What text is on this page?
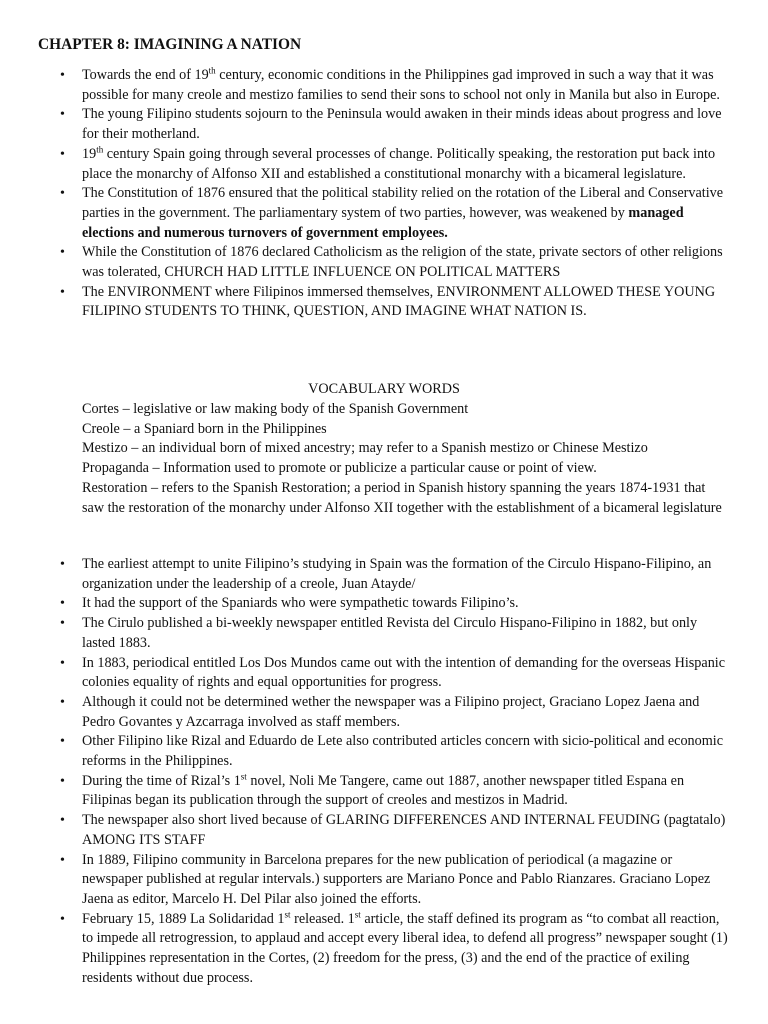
CHAPTER 8: IMAGINING A NATION
• Towards the end of 19th century, economic conditions in the Philippines gad improved in such a way that it was possible for many creole and mestizo families to send their sons to school not only in Manila but also in Europe.
• The young Filipino students sojourn to the Peninsula would awaken in their minds ideas about progress and love for their motherland.
• 19th century Spain going through several processes of change. Politically speaking, the restoration put back into place the monarchy of Alfonso XII and established a constitutional monarchy with a bicameral legislature.
• The Constitution of 1876 ensured that the political stability relied on the rotation of the Liberal and Conservative parties in the government. The parliamentary system of two parties, however, was weakened by managed elections and numerous turnovers of government employees.
• While the Constitution of 1876 declared Catholicism as the religion of the state, private sectors of other religions was tolerated, CHURCH HAD LITTLE INFLUENCE ON POLITICAL MATTERS
• The ENVIRONMENT where Filipinos immersed themselves, ENVIRONMENT ALLOWED THESE YOUNG FILIPINO STUDENTS TO THINK, QUESTION, AND IMAGINE WHAT NATION IS.
VOCABULARY WORDS
Cortes – legislative or law making body of the Spanish Government
Creole – a Spaniard born in the Philippines
Mestizo – an individual born of mixed ancestry; may refer to a Spanish mestizo or Chinese Mestizo
Propaganda – Information used to promote or publicize a particular cause or point of view.
Restoration – refers to the Spanish Restoration; a period in Spanish history spanning the years 1874-1931 that saw the restoration of the monarchy under Alfonso XII together with the establishment of a bicameral legislature
• The earliest attempt to unite Filipino’s studying in Spain was the formation of the Circulo Hispano-Filipino, an organization under the leadership of a creole, Juan Atayde/
• It had the support of the Spaniards who were sympathetic towards Filipino’s.
• The Cirulo published a bi-weekly newspaper entitled Revista del Circulo Hispano-Filipino in 1882, but only lasted 1883.
• In 1883, periodical entitled Los Dos Mundos came out with the intention of demanding for the overseas Hispanic colonies equality of rights and equal opportunities for progress.
• Although it could not be determined wether the newspaper was a Filipino project, Graciano Lopez Jaena and Pedro Govantes y Azcarraga involved as staff members.
• Other Filipino like Rizal and Eduardo de Lete also contributed articles concern with sicio-political and economic reforms in the Philippines.
• During the time of Rizal’s 1st novel, Noli Me Tangere, came out 1887, another newspaper titled Espana en Filipinas began its publication through the support of creoles and mestizos in Madrid.
• The newspaper also short lived because of GLARING DIFFERENCES AND INTERNAL FEUDING (pagtatalo) AMONG ITS STAFF
• In 1889, Filipino community in Barcelona prepares for the new publication of periodical (a magazine or newspaper published at regular intervals.) supporters are Mariano Ponce and Pablo Rianzares. Graciano Lopez Jaena as editor, Marcelo H. Del Pilar also joined the efforts.
• February 15, 1889 La Solidaridad 1st released. 1st article, the staff defined its program as “to combat all reaction, to impede all retrogression, to applaud and accept every liberal idea, to defend all progress” newspaper sought (1) Philippines representation in the Cortes, (2) freedom for the press, (3) and the end of the practice of exiling residents without due process.
